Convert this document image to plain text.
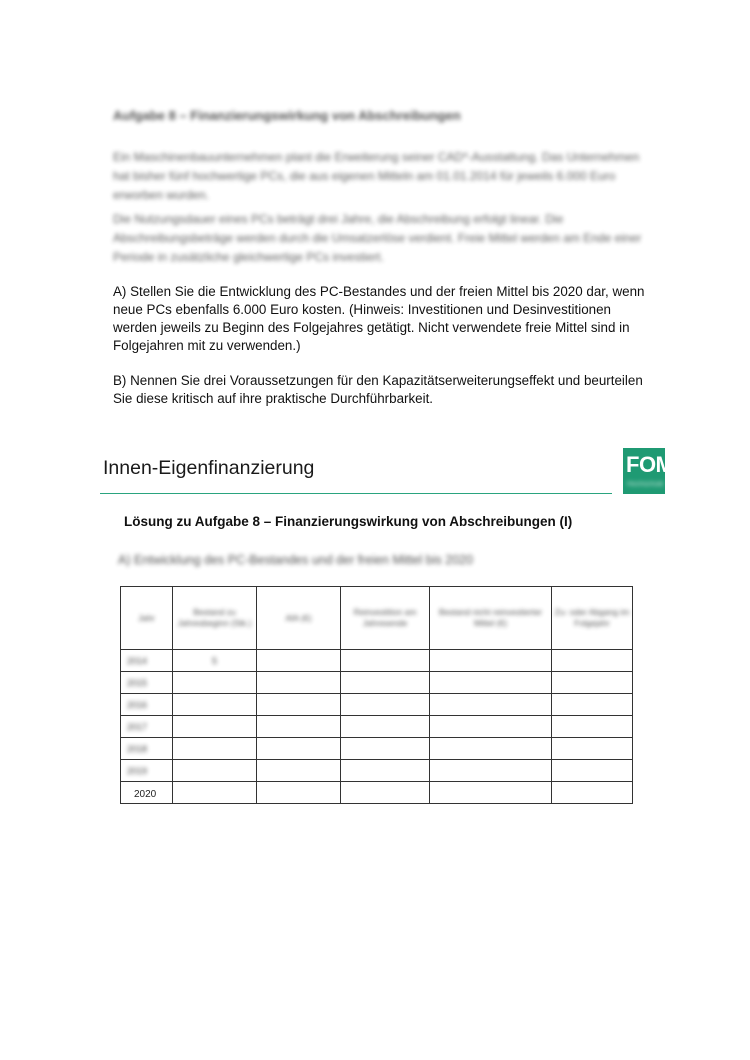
Aufgabe 8 – Finanzierungswirkung von Abschreibungen
Ein Maschinenbauunternehmen plant die Erweiterung seiner CAD*-Ausstattung. Das Unternehmen hat bisher fünf hochwertige PCs, die aus eigenen Mitteln am 01.01.2014 für jeweils 6.000 Euro erworben wurden.
Die Nutzungsdauer eines PCs beträgt drei Jahre, die Abschreibung erfolgt linear. Die Abschreibungsbeträge werden durch die Umsatzerlöse verdient. Freie Mittel werden am Ende einer Periode in zusätzliche gleichwertige PCs investiert.
A) Stellen Sie die Entwicklung des PC-Bestandes und der freien Mittel bis 2020 dar, wenn neue PCs ebenfalls 6.000 Euro kosten. (Hinweis: Investitionen und Desinvestitionen werden jeweils zu Beginn des Folgejahres getätigt. Nicht verwendete freie Mittel sind in Folgejahren mit zu verwenden.)
B) Nennen Sie drei Voraussetzungen für den Kapazitätserweiterungseffekt und beurteilen Sie diese kritisch auf ihre praktische Durchführbarkeit.
Innen-Eigenfinanzierung	FOM
Hochschule
Lösung zu Aufgabe 8 – Finanzierungswirkung von Abschreibungen (I)
A) Entwicklung des PC-Bestandes und der freien Mittel bis 2020
Jahr	Bestand zu Jahresbeginn (Stk.)	AfA (€)	Reinvestition am Jahresende	Bestand nicht reinvestierter Mittel (€)	Zu- oder Abgang im Folgejahr
2014	5				
2015					
2016					
2017					
2018					
2019					

2020
